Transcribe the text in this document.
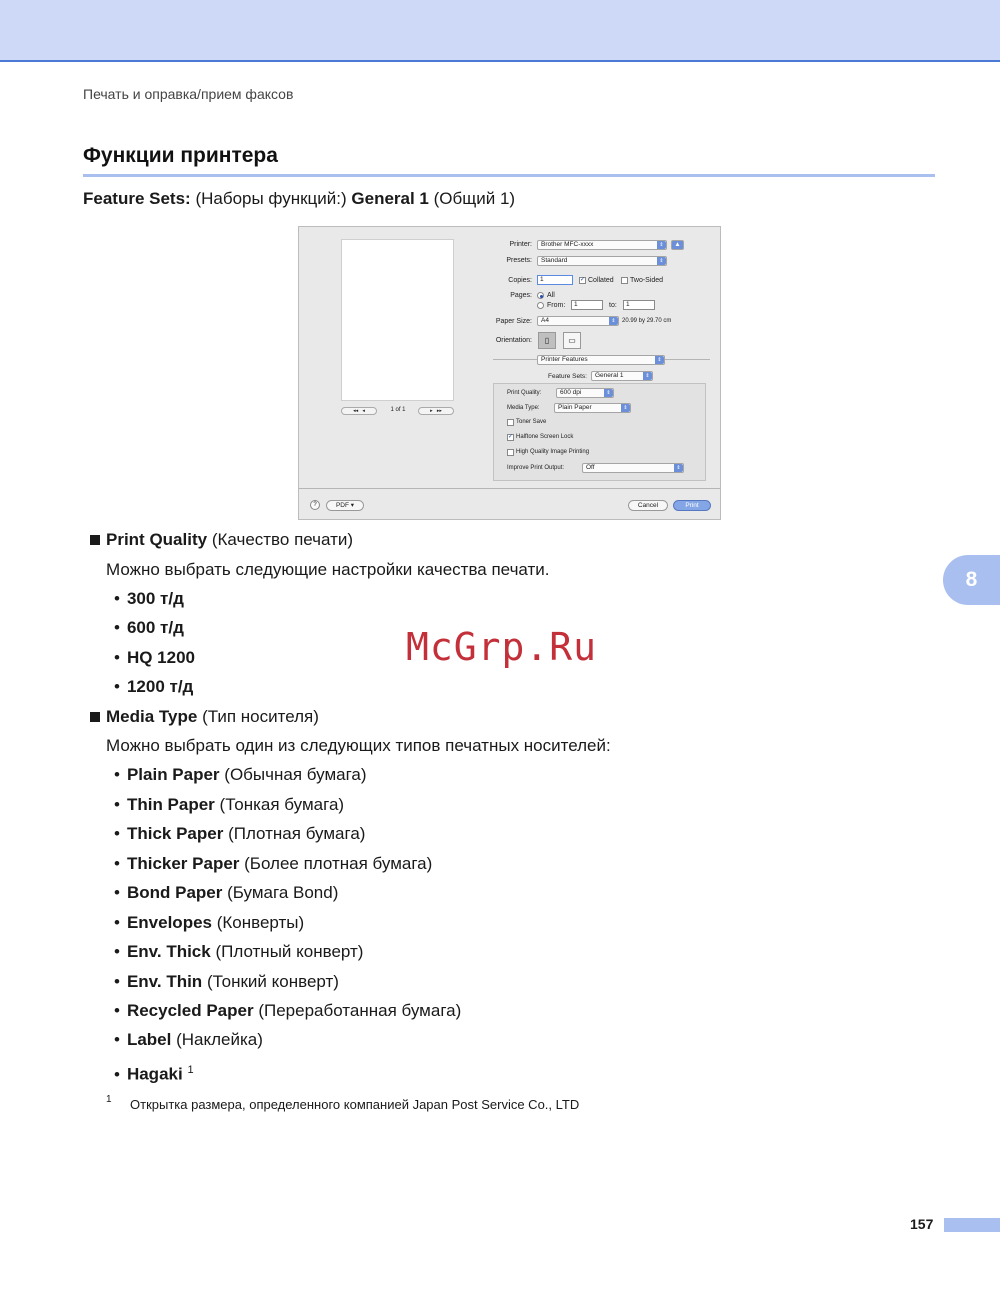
Печать и оправка/прием факсов
Функции принтера
Feature Sets: (Наборы функций:) General 1 (Общий 1)
◂◂   ◂	1 of 1	▸   ▸▸
Printer:	Brother MFC-xxxx	⇕	▲
Presets:	Standard	⇕
Copies:	1	✓ Collated Two-Sided
Pages: All
From:	1	to:	1
Paper Size:	A4	⇕	20.99 by 29.70 cm
Orientation:	▯	▭
Printer Features	⇕
Feature Sets:	General 1	⇕
Print Quality:	600 dpi	⇕
Media Type:	Plain Paper	⇕
Toner Save
✓ Halftone Screen Lock
High Quality Image Printing
Improve Print Output:	Off	⇕
?	PDF ▾	Cancel	Print
8
McGrp.Ru
Print Quality (Качество печати)
Можно выбрать следующие настройки качества печати.
• 300 т/д
• 600 т/д
• HQ 1200
• 1200 т/д
Media Type (Тип носителя)
Можно выбрать один из следующих типов печатных носителей:
• Plain Paper (Обычная бумага)
• Thin Paper (Тонкая бумага)
• Thick Paper (Плотная бумага)
• Thicker Paper (Более плотная бумага)
• Bond Paper (Бумага Bond)
• Envelopes (Конверты)
• Env. Thick (Плотный конверт)
• Env. Thin (Тонкий конверт)
• Recycled Paper (Переработанная бумага)
• Label (Наклейка)
• Hagaki $^1$
1 Открытка размера, определенного компанией Japan Post Service Co., LTD
157
